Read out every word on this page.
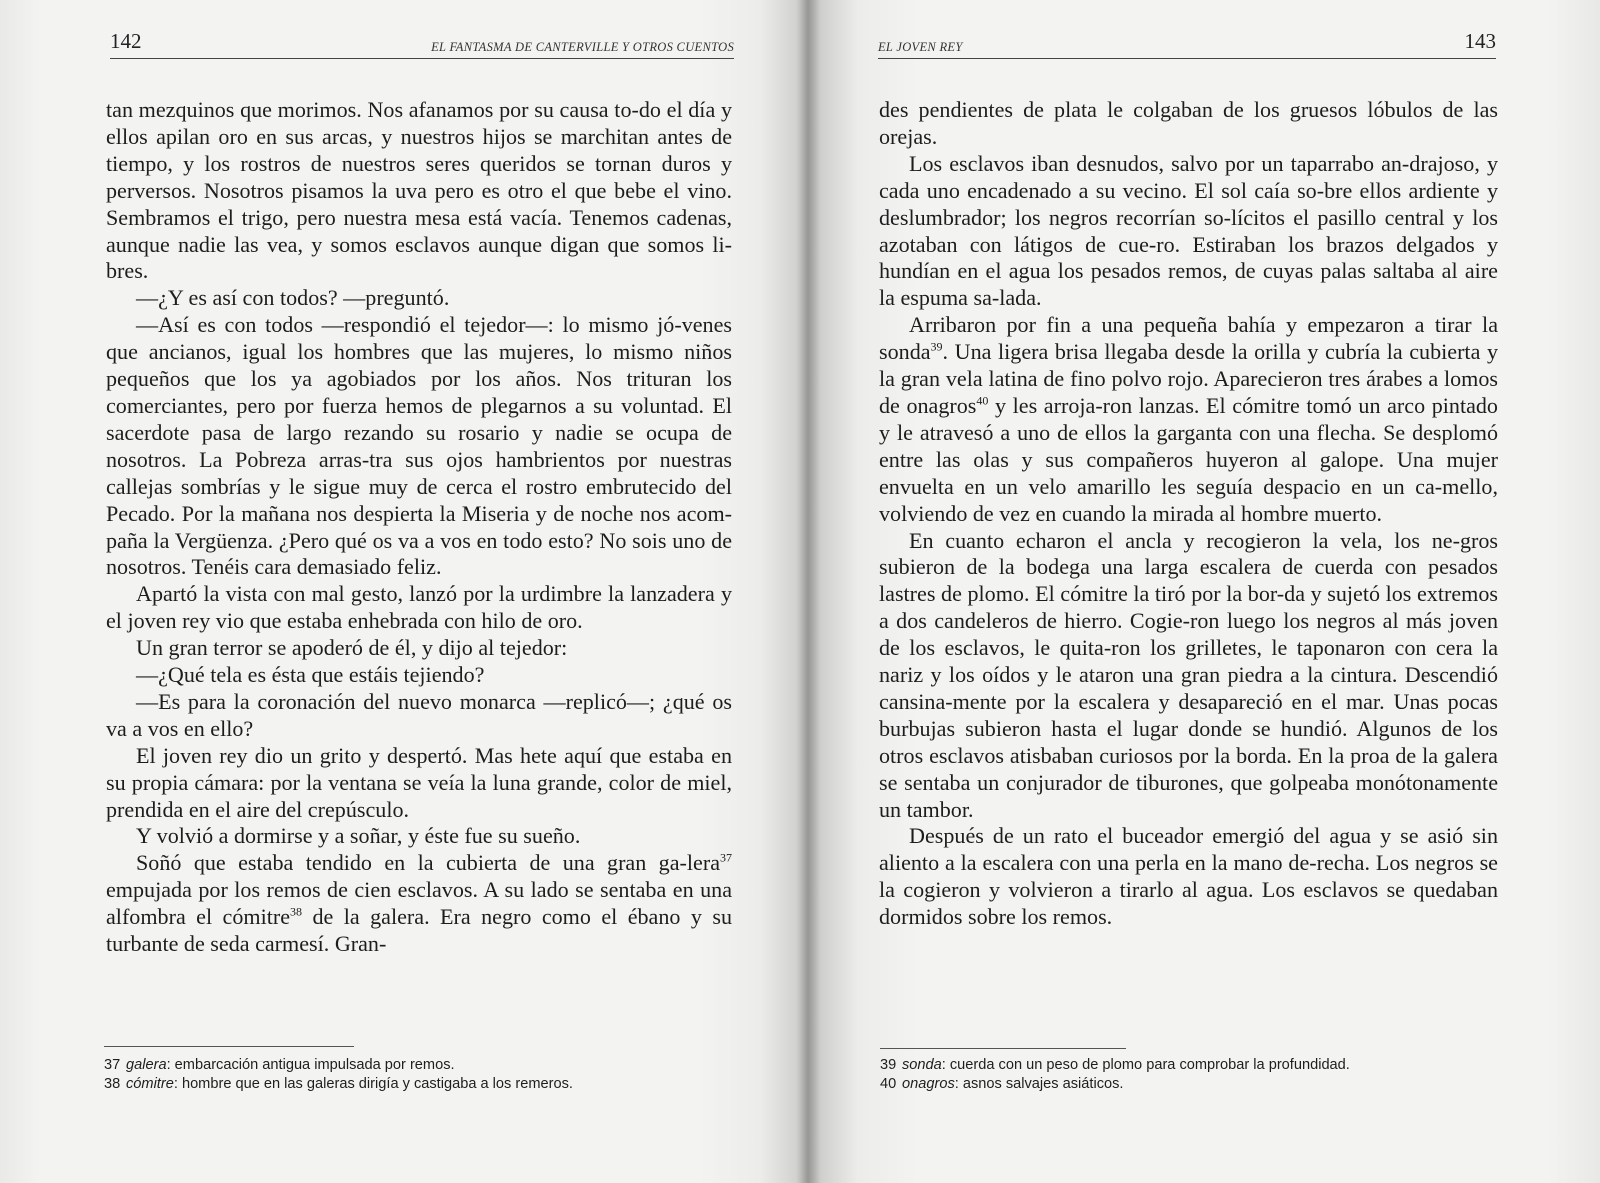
142	EL FANTASMA DE CANTERVILLE Y OTROS CUENTOS

tan mezquinos que morimos. Nos afanamos por su causa to-do el día y ellos apilan oro en sus arcas, y nuestros hijos se marchitan antes de tiempo, y los rostros de nuestros seres queridos se tornan duros y perversos. Nosotros pisamos la uva pero es otro el que bebe el vino. Sembramos el trigo, pero nuestra mesa está vacía. Tenemos cadenas, aunque nadie las vea, y somos esclavos aunque digan que somos li-bres.

—¿Y es así con todos? —preguntó.

—Así es con todos —respondió el tejedor—: lo mismo jó-venes que ancianos, igual los hombres que las mujeres, lo mismo niños pequeños que los ya agobiados por los años. Nos trituran los comerciantes, pero por fuerza hemos de plegarnos a su voluntad. El sacerdote pasa de largo rezando su rosario y nadie se ocupa de nosotros. La Pobreza arras-tra sus ojos hambrientos por nuestras callejas sombrías y le sigue muy de cerca el rostro embrutecido del Pecado. Por la mañana nos despierta la Miseria y de noche nos acom-paña la Vergüenza. ¿Pero qué os va a vos en todo esto? No sois uno de nosotros. Tenéis cara demasiado feliz.

Apartó la vista con mal gesto, lanzó por la urdimbre la lanzadera y el joven rey vio que estaba enhebrada con hilo de oro.

Un gran terror se apoderó de él, y dijo al tejedor:

—¿Qué tela es ésta que estáis tejiendo?

—Es para la coronación del nuevo monarca —replicó—; ¿qué os va a vos en ello?

El joven rey dio un grito y despertó. Mas hete aquí que estaba en su propia cámara: por la ventana se veía la luna grande, color de miel, prendida en el aire del crepúsculo.

Y volvió a dormirse y a soñar, y éste fue su sueño.

Soñó que estaba tendido en la cubierta de una gran ga-lera$^{37}$ empujada por los remos de cien esclavos. A su lado se sentaba en una alfombra el cómitre$^{38}$ de la galera. Era negro como el ébano y su turbante de seda carmesí. Gran-

37 galera: embarcación antigua impulsada por remos.
38 cómitre: hombre que en las galeras dirigía y castigaba a los remeros.
EL JOVEN REY	143

des pendientes de plata le colgaban de los gruesos lóbulos de las orejas.

Los esclavos iban desnudos, salvo por un taparrabo an-drajoso, y cada uno encadenado a su vecino. El sol caía so-bre ellos ardiente y deslumbrador; los negros recorrían so-lícitos el pasillo central y los azotaban con látigos de cue-ro. Estiraban los brazos delgados y hundían en el agua los pesados remos, de cuyas palas saltaba al aire la espuma sa-lada.

Arribaron por fin a una pequeña bahía y empezaron a tirar la sonda$^{39}$. Una ligera brisa llegaba desde la orilla y cubría la cubierta y la gran vela latina de fino polvo rojo. Aparecieron tres árabes a lomos de onagros$^{40}$ y les arroja-ron lanzas. El cómitre tomó un arco pintado y le atravesó a uno de ellos la garganta con una flecha. Se desplomó entre las olas y sus compañeros huyeron al galope. Una mujer envuelta en un velo amarillo les seguía despacio en un ca-mello, volviendo de vez en cuando la mirada al hombre muerto.

En cuanto echaron el ancla y recogieron la vela, los ne-gros subieron de la bodega una larga escalera de cuerda con pesados lastres de plomo. El cómitre la tiró por la bor-da y sujetó los extremos a dos candeleros de hierro. Cogie-ron luego los negros al más joven de los esclavos, le quita-ron los grilletes, le taponaron con cera la nariz y los oídos y le ataron una gran piedra a la cintura. Descendió cansina-mente por la escalera y desapareció en el mar. Unas pocas burbujas subieron hasta el lugar donde se hundió. Algunos de los otros esclavos atisbaban curiosos por la borda. En la proa de la galera se sentaba un conjurador de tiburones, que golpeaba monótonamente un tambor.

Después de un rato el buceador emergió del agua y se asió sin aliento a la escalera con una perla en la mano de-recha. Los negros se la cogieron y volvieron a tirarlo al agua. Los esclavos se quedaban dormidos sobre los remos.

39 sonda: cuerda con un peso de plomo para comprobar la profundidad.
40 onagros: asnos salvajes asiáticos.
